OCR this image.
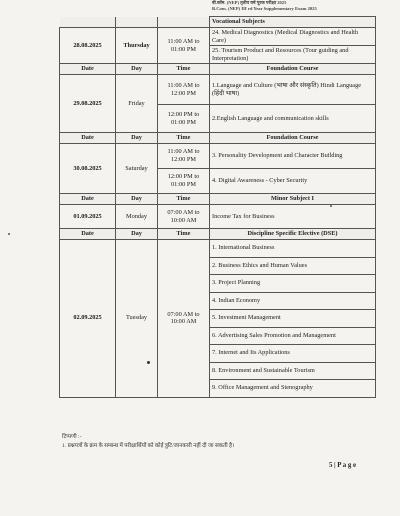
बी.कॉम. (NEP) तृतीय वर्ष पूरक परीक्षा 2025
B.Com. (NEP) III rd Year Supplementary Exam 2025
			Vocational Subjects
28.08.2025	Thursday	11:00 AM to 01:00 PM	24. Medical Diagnostics (Medical Diagnostics and Health Care)
			25. Tourism Product and Resources (Tour guiding and Interpretation)
Date	Day	Time	Foundation Course
29.08.2025	Friday	11:00 AM to 12:00 PM	1.Language and Culture (भाषा और संस्कृति) Hindi Language (हिंदी भाषा)
		12:00 PM to 01:00 PM	2.English Language and communication skills
Date	Day	Time	Foundation Course
30.08.2025	Saturday	11:00 AM to 12:00 PM	3. Personality Development and Character Building
		12:00 PM to 01:00 PM	4. Digital Awareness - Cyber Security
Date	Day	Time	Minor Subject I
01.09.2025	Monday	07:00 AM to 10:00 AM	Income Tax for Business
Date	Day	Time	Discipline Specific Elective (DSE)
02.09.2025	Tuesday	07:00 AM to 10:00 AM	1. International Business
			2. Business Ethics and Human Values
			3. Project Planning
			4. Indian Economy
			5. Investment Management
			6. Advertising Sales Promotion and Management
			7. Internet and Its Applications
			8. Environment and Sustainable Tourism
			9. Office Management and Stenography
टिप्पणी :-
1. प्रश्नपत्रों के क्रम के सम्बन्ध में परीक्षार्थियों को कोई त्रुटि/जानकारी नहीं दी जा सकती है।
5 | P a g e
